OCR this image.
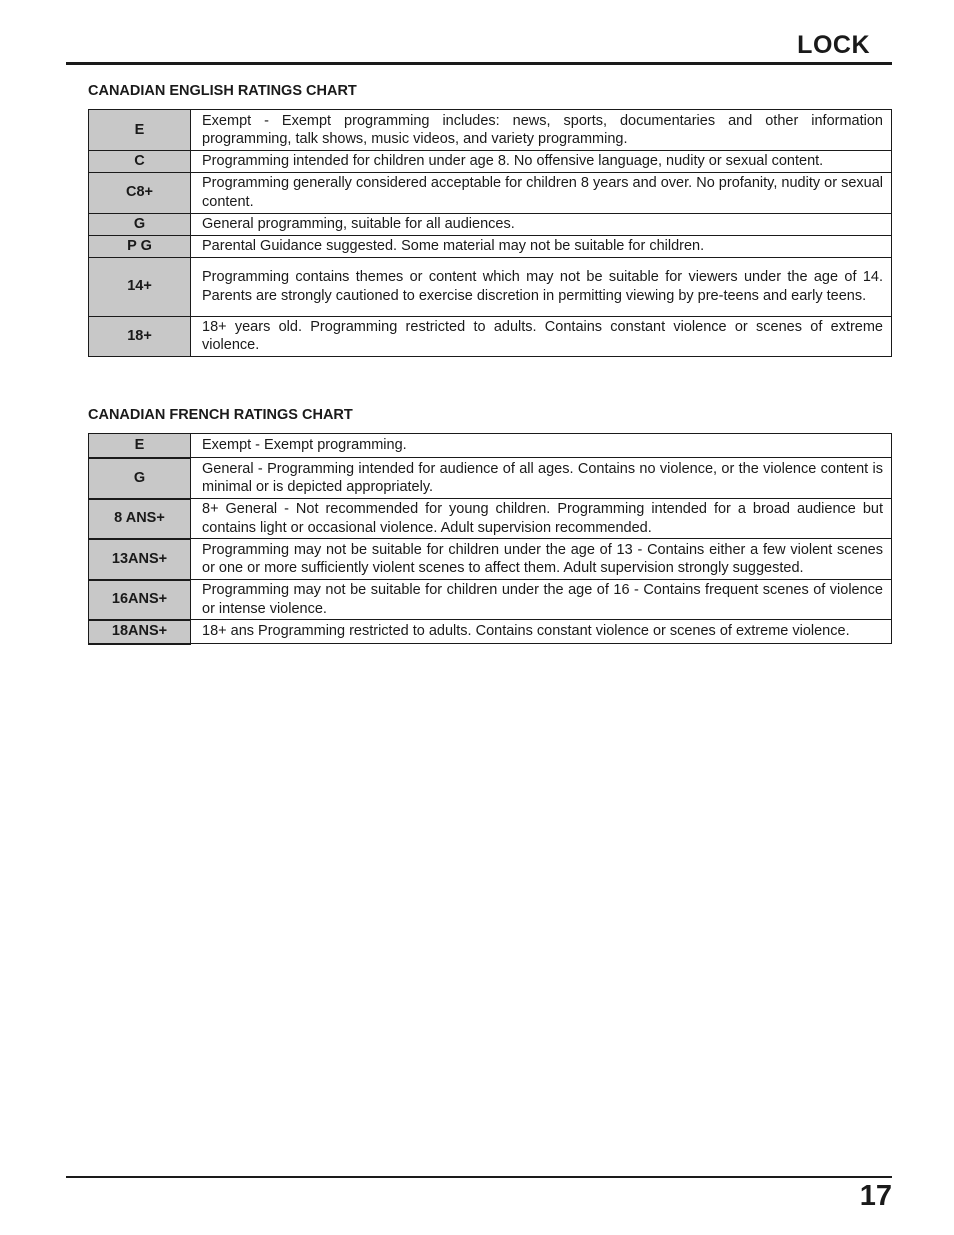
LOCK
CANADIAN ENGLISH RATINGS CHART
E	Exempt - Exempt programming includes: news, sports, documentaries and other information programming, talk shows, music videos, and variety programming.
C	Programming intended for children under age 8. No offensive language, nudity or sexual content.
C8+	Programming generally considered acceptable for children 8 years and over. No profanity, nudity or sexual content.
G	General programming, suitable for all audiences.
P G	Parental Guidance suggested. Some material may not be suitable for children.
14+	Programming contains themes or content which may not be suitable for viewers under the age of 14. Parents are strongly cautioned to exercise discretion in permitting viewing by pre-teens and early teens.
18+	18+ years old. Programming restricted to adults. Contains constant violence or scenes of extreme violence.
CANADIAN FRENCH RATINGS CHART
E	Exempt - Exempt programming.
G	General - Programming intended for audience of all ages. Contains no violence, or the violence content is minimal or is depicted appropriately.
8 ANS+	8+ General - Not recommended for young children. Programming intended for a broad audience but contains light or occasional violence. Adult supervision recommended.
13ANS+	Programming may not be suitable for children under the age of 13 - Contains either a few violent scenes or one or more sufficiently violent scenes to affect them. Adult supervision strongly suggested.
16ANS+	Programming may not be suitable for children under the age of 16 - Contains frequent scenes of violence or intense violence.
18ANS+	18+ ans Programming restricted to adults. Contains constant violence or scenes of extreme violence.
17
